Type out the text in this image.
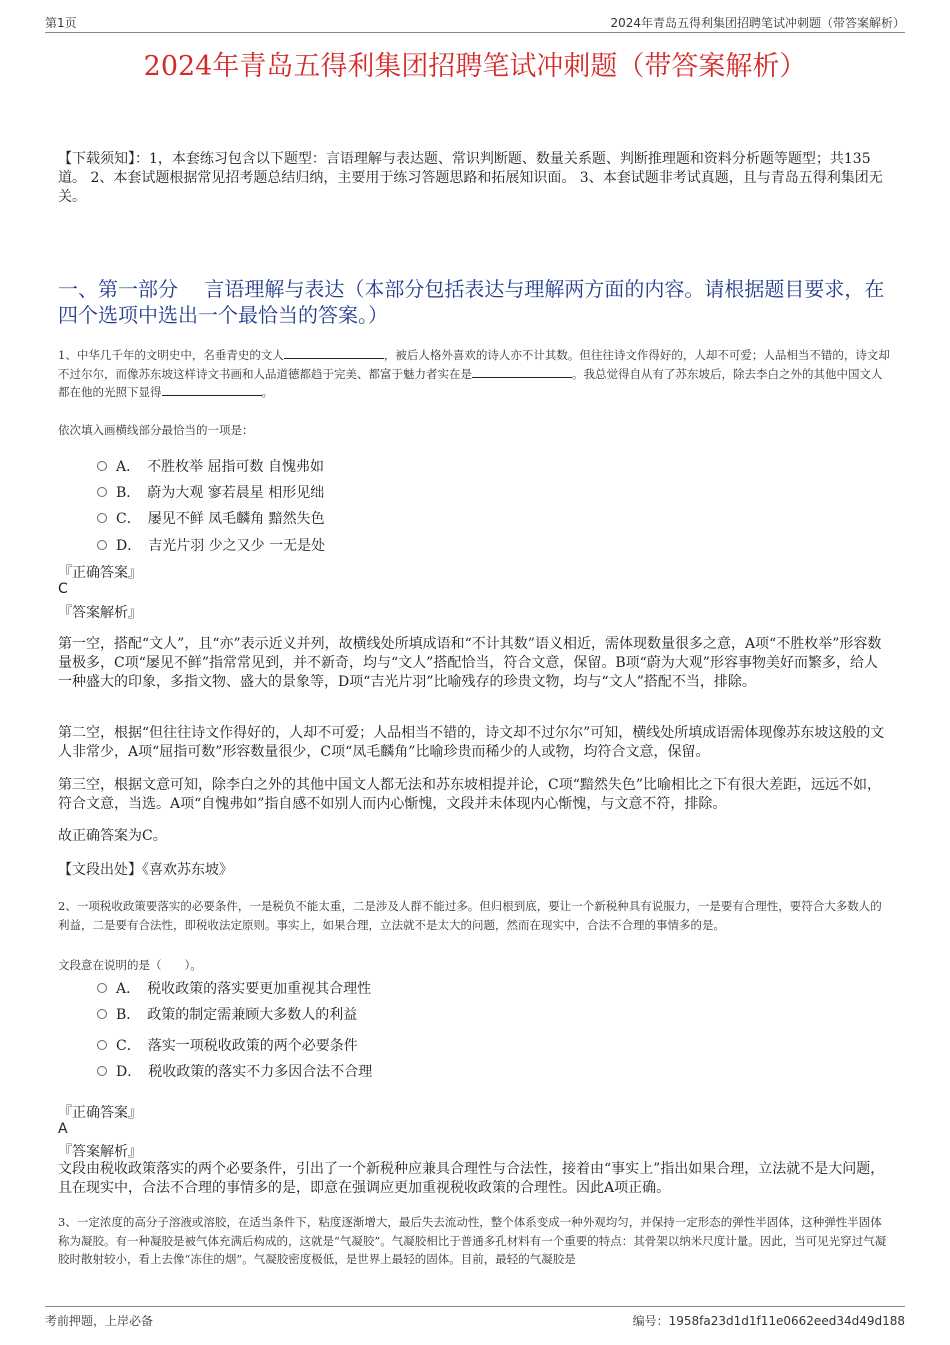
第1页	2024年青岛五得利集团招聘笔试冲刺题（带答案解析）
2024年青岛五得利集团招聘笔试冲刺题（带答案解析）
【下载须知】：1，本套练习包含以下题型：言语理解与表达题、常识判断题、数量关系题、判断推理题和资料分析题等题型；共135道。 2、本套试题根据常见招考题总结归纳，主要用于练习答题思路和拓展知识面。 3、本套试题非考试真题，且与青岛五得利集团无关。
一、第一部分　 言语理解与表达（本部分包括表达与理解两方面的内容。请根据题目要求，在四个选项中选出一个最恰当的答案。）
1、中华几千年的文明史中，名垂青史的文人	，被后人格外喜欢的诗人亦不计其数。但往往诗文作得好的，人却不可爱；人品相当不错的，诗文却不过尔尔，而像苏东坡这样诗文书画和人品道德都趋于完美、都富于魅力者实在是	。我总觉得自从有了苏东坡后，除去李白之外的其他中国文人都在他的光照下显得	。
依次填入画横线部分最恰当的一项是：
A．　不胜枚举 屈指可数 自愧弗如
B．　蔚为大观 寥若晨星 相形见绌
C．　屡见不鲜 凤毛麟角 黯然失色
D．　吉光片羽 少之又少 一无是处
『正确答案』
C
『答案解析』
第一空，搭配“文人”，且“亦”表示近义并列，故横线处所填成语和“不计其数”语义相近，需体现数量很多之意，A项“不胜枚举”形容数量极多，C项“屡见不鲜”指常常见到，并不新奇，均与“文人”搭配恰当，符合文意，保留。B项“蔚为大观”形容事物美好而繁多，给人一种盛大的印象，多指文物、盛大的景象等，D项“吉光片羽”比喻残存的珍贵文物，均与“文人”搭配不当，排除。
第二空，根据“但往往诗文作得好的，人却不可爱；人品相当不错的，诗文却不过尔尔”可知，横线处所填成语需体现像苏东坡这般的文人非常少，A项“屈指可数”形容数量很少，C项“凤毛麟角”比喻珍贵而稀少的人或物，均符合文意，保留。
第三空，根据文意可知，除李白之外的其他中国文人都无法和苏东坡相提并论，C项“黯然失色”比喻相比之下有很大差距，远远不如，符合文意，当选。A项“自愧弗如”指自感不如别人而内心惭愧，文段并未体现内心惭愧，与文意不符，排除。
故正确答案为C。
【文段出处】《喜欢苏东坡》
2、一项税收政策要落实的必要条件，一是税负不能太重，二是涉及人群不能过多。但归根到底，要让一个新税种具有说服力，一是要有合理性，要符合大多数人的利益，二是要有合法性，即税收法定原则。事实上，如果合理，立法就不是太大的问题，然而在现实中，合法不合理的事情多的是。
文段意在说明的是（　　）。
A．　税收政策的落实要更加重视其合理性
B．　政策的制定需兼顾大多数人的利益
C．　落实一项税收政策的两个必要条件
D．　税收政策的落实不力多因合法不合理
『正确答案』
A
『答案解析』
文段由税收政策落实的两个必要条件，引出了一个新税种应兼具合理性与合法性，接着由“事实上”指出如果合理，立法就不是大问题，且在现实中，合法不合理的事情多的是，即意在强调应更加重视税收政策的合理性。因此A项正确。
3、一定浓度的高分子溶液或溶胶，在适当条件下，粘度逐渐增大，最后失去流动性，整个体系变成一种外观均匀，并保持一定形态的弹性半固体，这种弹性半固体称为凝胶。有一种凝胶是被气体充满后构成的，这就是“气凝胶”。气凝胶相比于普通多孔材料有一个重要的特点：其骨架以纳米尺度计量。因此，当可见光穿过气凝胶时散射较小，看上去像“冻住的烟”。气凝胶密度极低，是世界上最轻的固体。目前，最轻的气凝胶是
考前押题，上岸必备	编号：1958fa23d1d1f11e0662eed34d49d188
